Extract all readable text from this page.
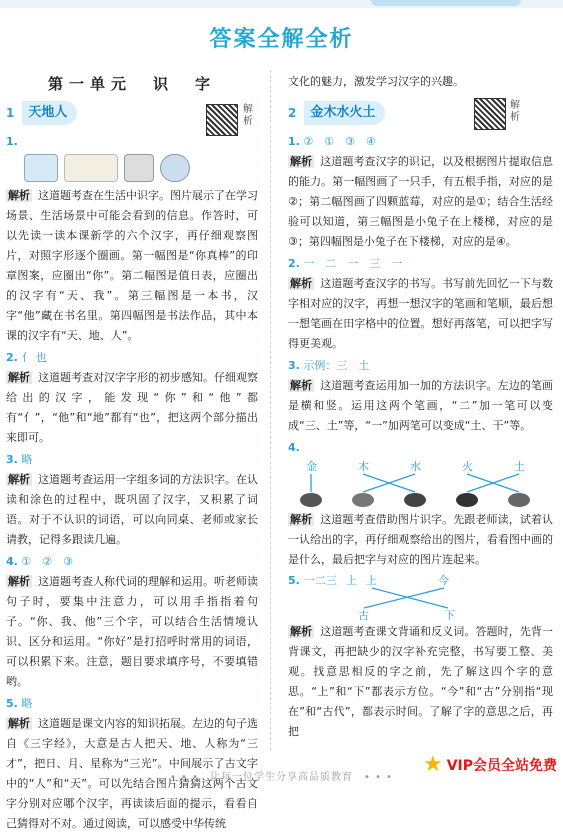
答案全解全析
第一单元　识　字
1	天地人
1.

解析 这道题考查在生活中识字。图片展示了在学习场景、生活场景中可能会看到的信息。作答时，可以先读一读本课新学的六个汉字，再仔细观察图片，对照字形逐个圈画。第一幅图是“你真棒”的印章图案，应圈出“你”。第二幅图是值日表，应圈出的汉字有“天、我”。第三幅图是一本书，汉字“他”藏在书名里。第四幅图是书法作品，其中本课的汉字有“天、地、人”。

2. 亻 也

解析 这道题考查对汉字字形的初步感知。仔细观察给出的汉字，能发现“你”和“他”都有“亻”，“他”和“地”都有“也”，把这两个部分描出来即可。

3. 略

解析 这道题考查运用一字组多词的方法识字。在认读和涂色的过程中，既巩固了汉字，又积累了词语。对于不认识的词语，可以向同桌、老师或家长请教，记得多跟读几遍。

4. ①　②　③

解析 这道题考查人称代词的理解和运用。听老师读句子时，要集中注意力，可以用手指指着句子。“你、我、他”三个字，可以结合生活情境认识、区分和运用。“你好”是打招呼时常用的词语，可以积累下来。注意，题目要求填序号，不要填错哟。

5. 略

解析 这道题是课文内容的知识拓展。左边的句子选自《三字经》，大意是古人把天、地、人称为“三才”，把日、月、星称为“三光”。中间展示了古文字中的“人”和“天”。可以先结合图片猜猜这两个古文字分别对应哪个汉字，再读读后面的提示，看看自己猜得对不对。通过阅读，可以感受中华传统

解析

文化的魅力，激发学习汉字的兴趣。

2	金木水火土
1. ②　①　③　④

解析 这道题考查汉字的识记，以及根据图片提取信息的能力。第一幅图画了一只手，有五根手指，对应的是②；第二幅图画了四颗蓝莓，对应的是①；结合生活经验可以知道，第三幅图是小兔子在上楼梯，对应的是③；第四幅图是小兔子在下楼梯，对应的是④。

2. 一　二　一　三　一

解析 这道题考查汉字的书写。书写前先回忆一下与数字相对应的汉字，再想一想汉字的笔画和笔顺，最后想一想笔画在田字格中的位置。想好再落笔，可以把字写得更美观。

3. 示例：三　土

解析 这道题考查运用加一加的方法识字。左边的笔画是横和竖。运用这两个笔画，“二”加一笔可以变成“三、土”等，“一”加两笔可以变成“土、干”等。

4.
金	木	水	火	土

解析 这道题考查借助图片识字。先跟老师读，试着认一认给出的字，再仔细观察给出的图片，看看图中画的是什么，最后把字与对应的图片连起来。

5. 一二三 上 上	今
古	下

解析 这道题考查课文背诵和反义词。答题时，先背一背课文，再把缺少的汉字补充完整，书写要工整、美观。找意思相反的字之前，先了解这四个字的意思。“上”和“下”都表示方位。“今”和“古”分别指“现在”和“古代”，都表示时间。了解了字的意思之后，再把

解析
• • •　让每一位学生分享高品质教育　• • •
★ VIP会员全站免费
